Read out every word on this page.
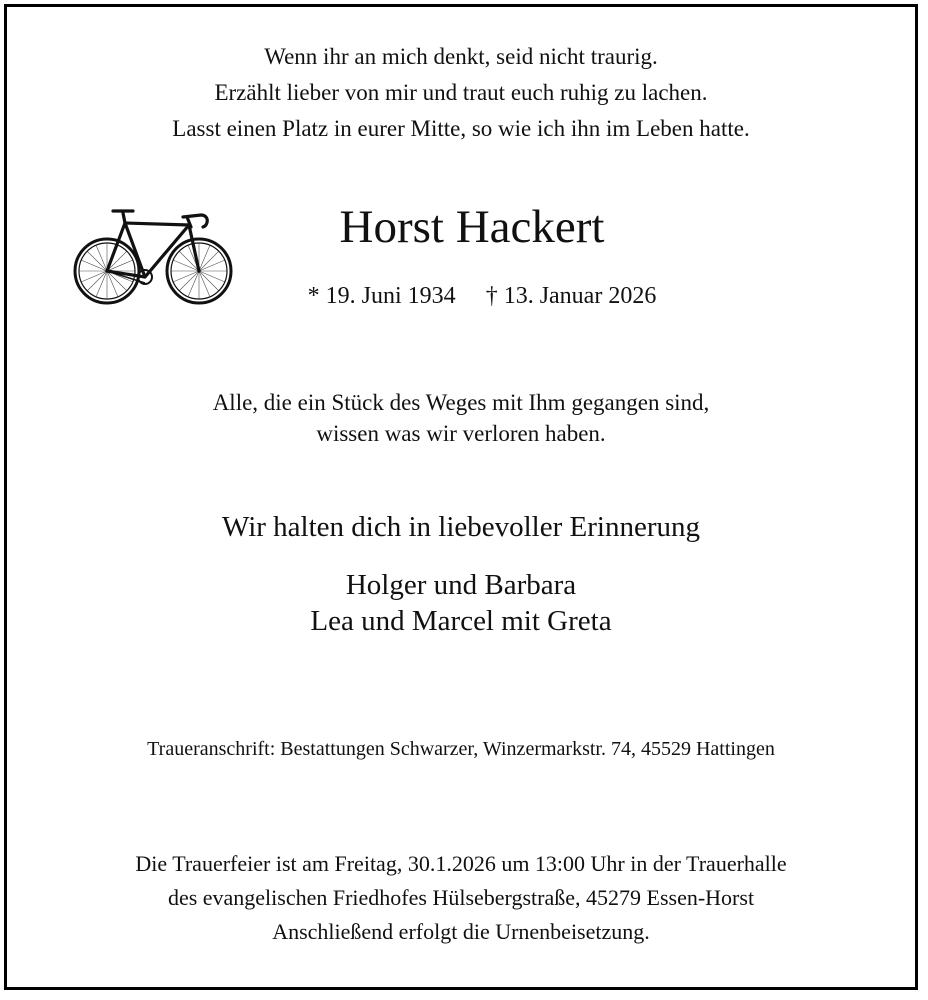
Wenn ihr an mich denkt, seid nicht traurig.
Erzählt lieber von mir und traut euch ruhig zu lachen.
Lasst einen Platz in eurer Mitte, so wie ich ihn im Leben hatte.
Horst Hackert
* 19. Juni 1934 † 13. Januar 2026
Alle, die ein Stück des Weges mit Ihm gegangen sind,
wissen was wir verloren haben.
Wir halten dich in liebevoller Erinnerung
Holger und Barbara
Lea und Marcel mit Greta
Traueranschrift: Bestattungen Schwarzer, Winzermarkstr. 74, 45529 Hattingen
Die Trauerfeier ist am Freitag, 30.1.2026 um 13:00 Uhr in der Trauerhalle
des evangelischen Friedhofes Hülsebergstraße, 45279 Essen-Horst
Anschließend erfolgt die Urnenbeisetzung.
